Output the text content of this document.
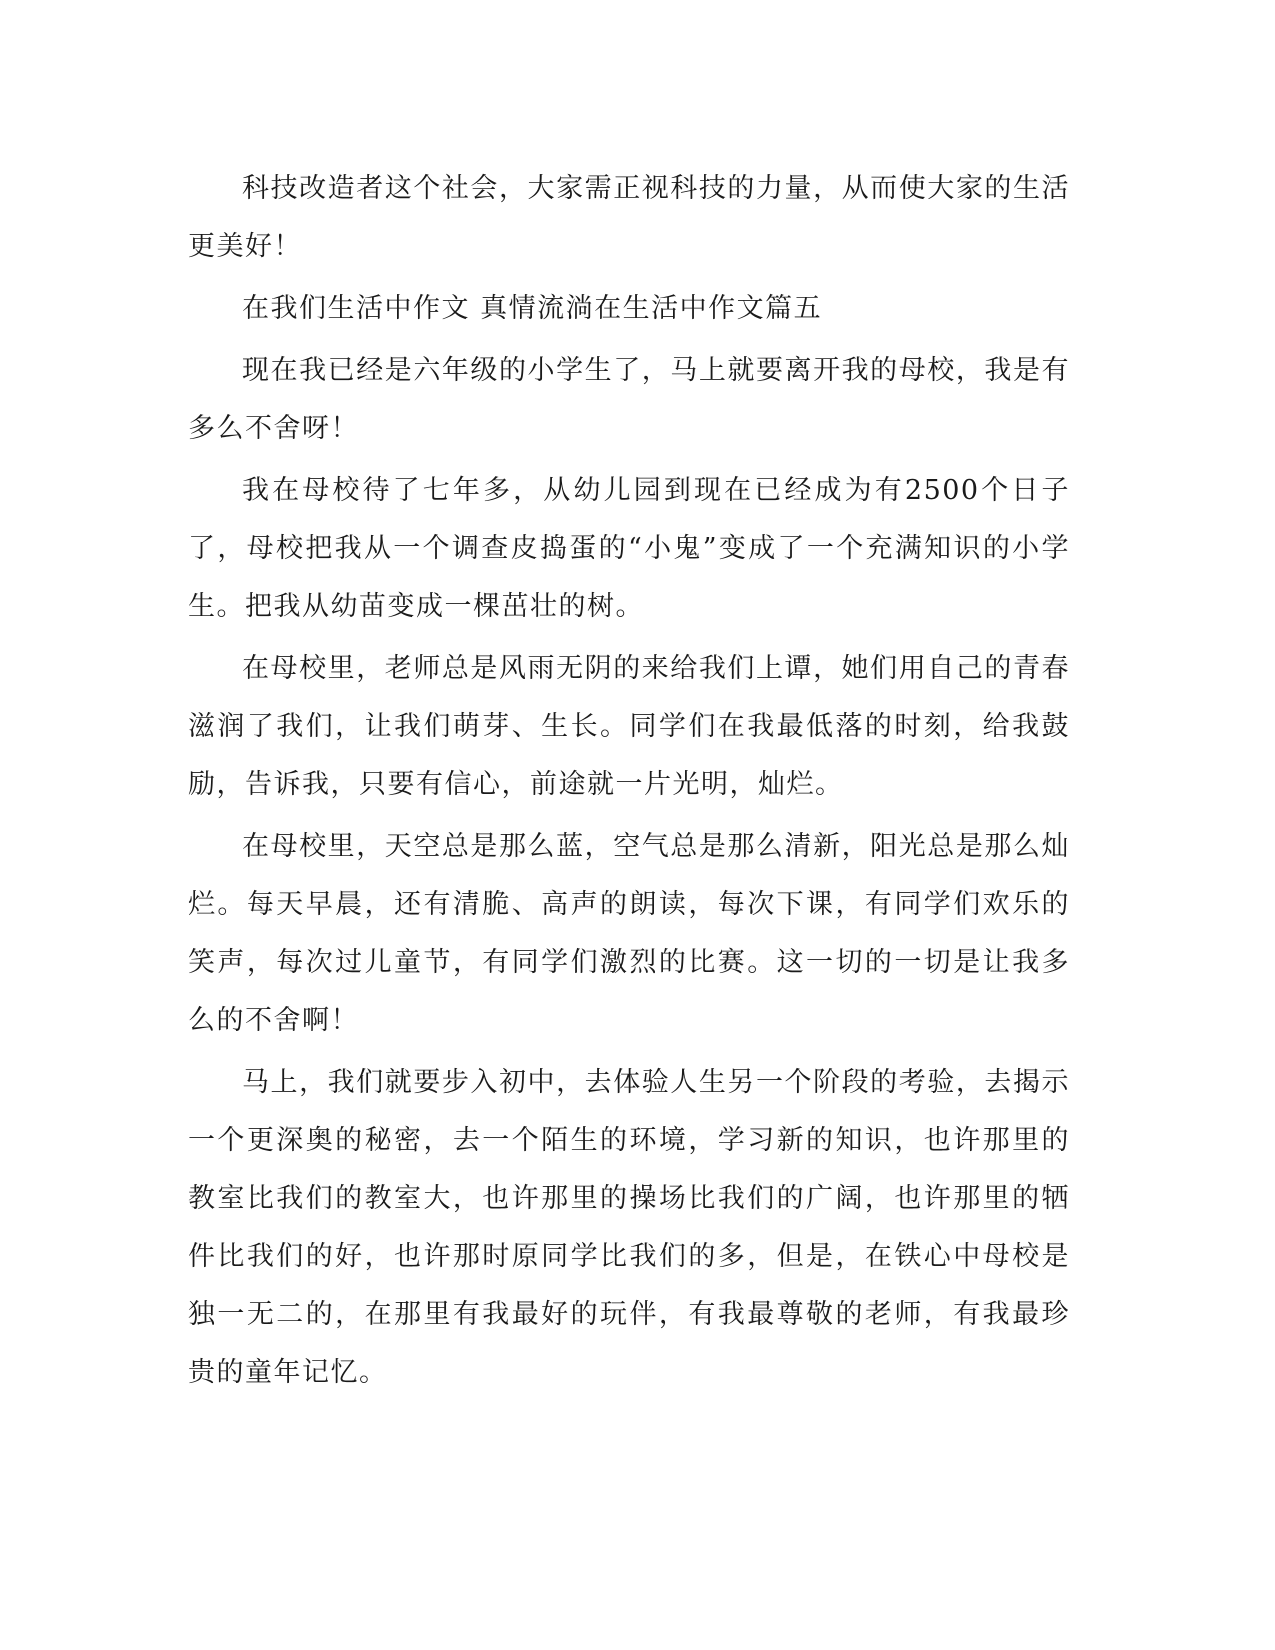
科技改造者这个社会，大家需正视科技的力量，从而使大家的生活更美好！

在我们生活中作文 真情流淌在生活中作文篇五

现在我已经是六年级的小学生了，马上就要离开我的母校，我是有多么不舍呀！

我在母校待了七年多，从幼儿园到现在已经成为有2500个日子了，母校把我从一个调查皮捣蛋的“小鬼”变成了一个充满知识的小学生。把我从幼苗变成一棵茁壮的树。

在母校里，老师总是风雨无阴的来给我们上谭，她们用自己的青春滋润了我们，让我们萌芽、生长。同学们在我最低落的时刻，给我鼓励，告诉我，只要有信心，前途就一片光明，灿烂。

在母校里，天空总是那么蓝，空气总是那么清新，阳光总是那么灿烂。每天早晨，还有清脆、高声的朗读，每次下课，有同学们欢乐的笑声，每次过儿童节，有同学们激烈的比赛。这一切的一切是让我多么的不舍啊！

马上，我们就要步入初中，去体验人生另一个阶段的考验，去揭示一个更深奥的秘密，去一个陌生的环境，学习新的知识，也许那里的教室比我们的教室大，也许那里的操场比我们的广阔，也许那里的牺件比我们的好，也许那时原同学比我们的多，但是，在铁心中母校是独一无二的，在那里有我最好的玩伴，有我最尊敬的老师，有我最珍贵的童年记忆。
